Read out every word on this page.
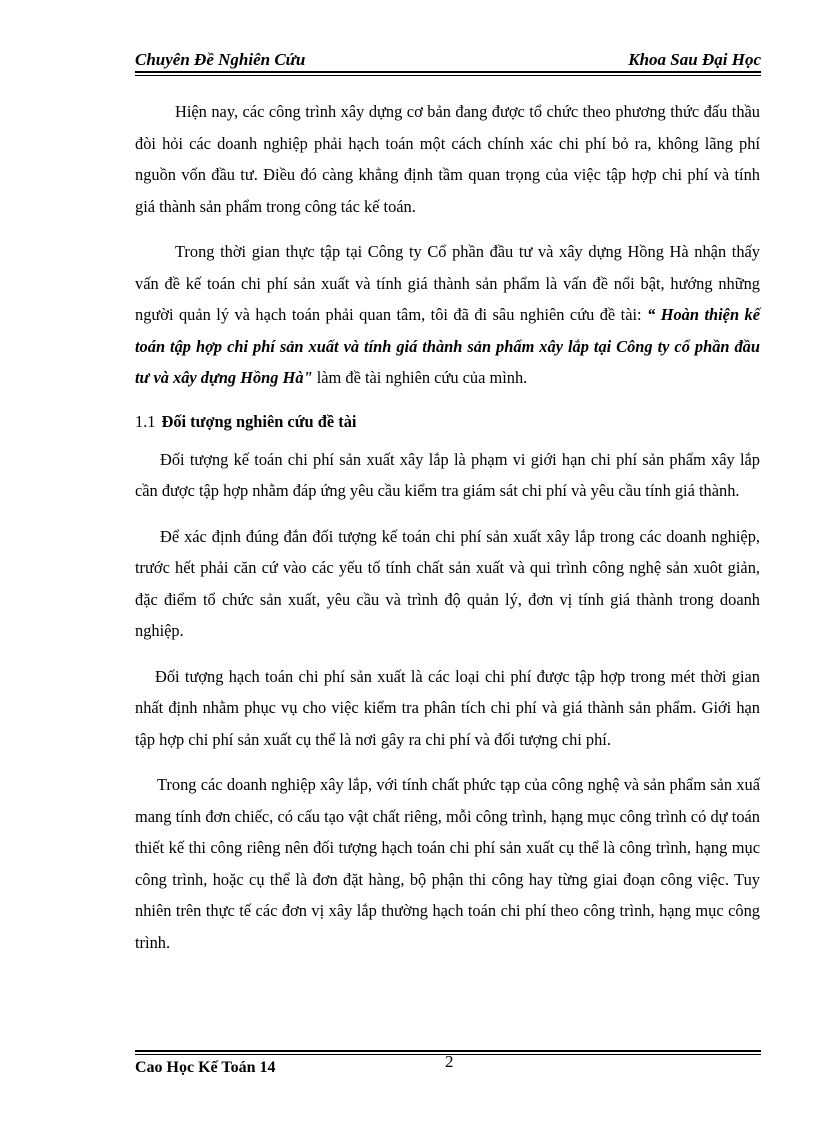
Chuyên Đề Nghiên Cứu	Khoa Sau Đại Học

Hiện nay, các công trình xây dựng cơ bản đang được tổ chức theo phương thức đấu thầu đòi hỏi các doanh nghiệp phải hạch toán một cách chính xác chi phí bỏ ra, không lãng phí nguồn vốn đầu tư. Điều đó càng khẳng định tầm quan trọng của việc tập hợp chi phí và tính giá thành sản phẩm trong công tác kế toán.

Trong thời gian thực tập tại Công ty Cổ phần đầu tư và xây dựng Hồng Hà nhận thấy vấn đề kế toán chi phí sản xuất và tính giá thành sản phẩm là vấn đề nổi bật, hướng những người quản lý và hạch toán phải quan tâm, tôi đã đi sâu nghiên cứu đề tài: “ Hoàn thiện kế toán tập hợp chi phí sản xuất và tính giá thành sản phẩm xây lắp tại Công ty cổ phần đầu tư và xây dựng Hồng Hà" làm đề tài nghiên cứu của mình.

1.1 Đối tượng nghiên cứu đề tài

Đối tượng kế toán chi phí sản xuất xây lắp là phạm vi giới hạn chi phí sản phẩm xây lắp cần được tập hợp nhằm đáp ứng yêu cầu kiểm tra giám sát chi phí và yêu cầu tính giá thành.

Để xác định đúng đắn đối tượng kế toán chi phí sản xuất xây lắp trong các doanh nghiệp, trước hết phải căn cứ vào các yếu tố tính chất sản xuất và qui trình công nghệ sản xuôt giản, đặc điểm tổ chức sản xuất, yêu cầu và trình độ quản lý, đơn vị tính giá thành trong doanh nghiệp.

Đối tượng hạch toán chi phí sản xuất là các loại chi phí được tập hợp trong mét thời gian nhất định nhằm phục vụ cho việc kiểm tra phân tích chi phí và giá thành sản phẩm. Giới hạn tập hợp chi phí sản xuất cụ thể là nơi gây ra chi phí và đối tượng chi phí.

Trong các doanh nghiệp xây lắp, với tính chất phức tạp của công nghệ và sản phẩm sản xuấ mang tính đơn chiếc, có cấu tạo vật chất riêng, mỗi công trình, hạng mục công trình có dự toán thiết kế thi công riêng nên đối tượng hạch toán chi phí sản xuất cụ thể là công trình, hạng mục công trình, hoặc cụ thể là đơn đặt hàng, bộ phận thi công hay từng giai đoạn công việc. Tuy nhiên trên thực tế các đơn vị xây lắp thường hạch toán chi phí theo công trình, hạng mục công trình.

Cao Học Kế Toán 14	2
